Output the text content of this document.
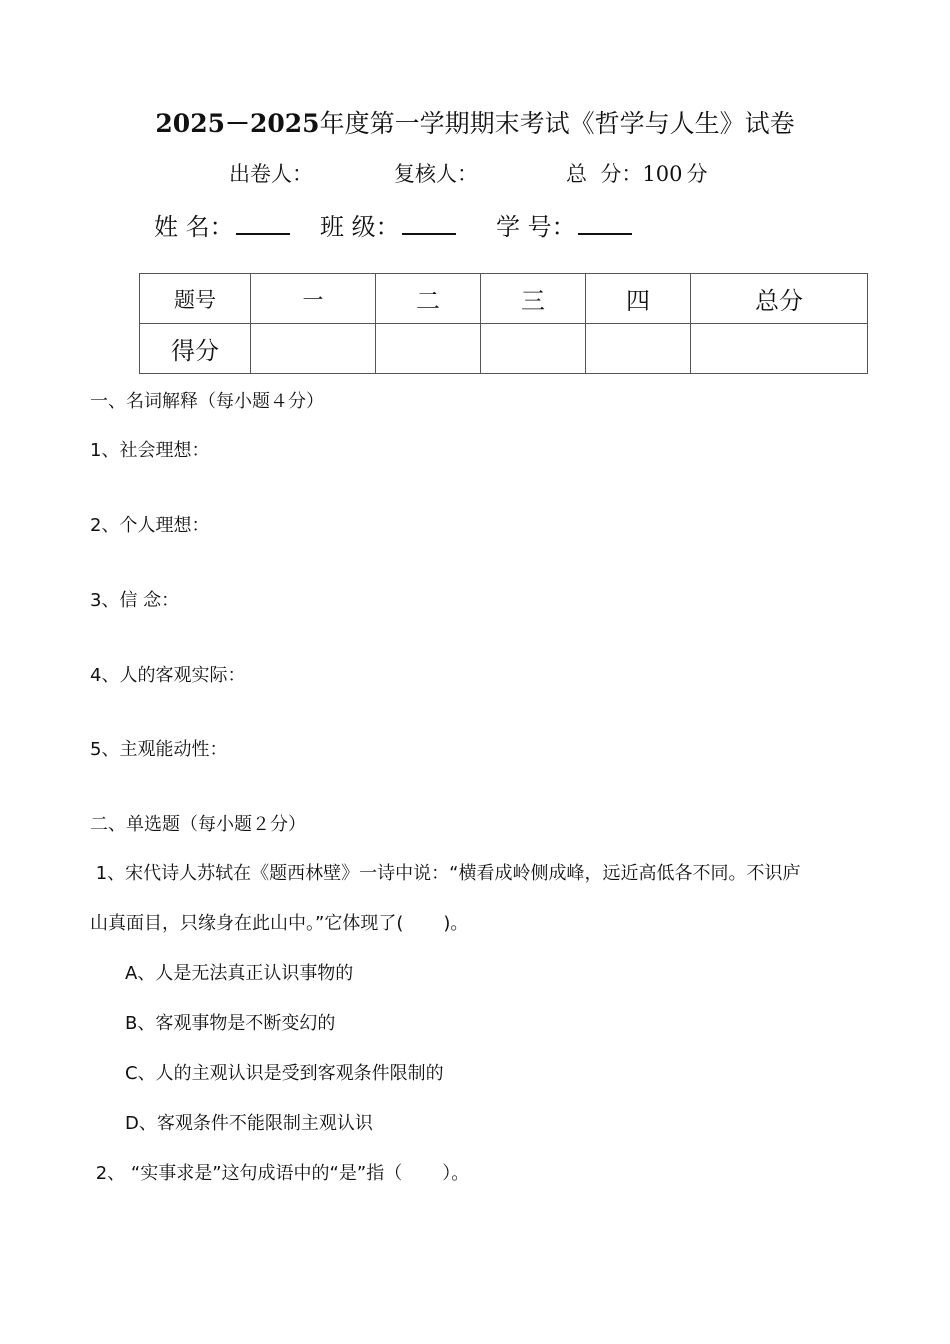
2025－2025年度第一学期期末考试《哲学与人生》试卷
出卷人：	复核人：	总  分：100 分
姓 名：	班 级：	学 号：
题号	一	二	三	四	总分
得分					
一、名词解释（每小题４分）
1、社会理想：
2、个人理想：
3、信 念：
4、人的客观实际：
5、主观能动性：
二、单选题（每小题２分）
1、宋代诗人苏轼在《题西林壁》一诗中说：“横看成岭侧成峰，远近高低各不同。不识庐
山真面目，只缘身在此山中。”它体现了(       )。
A、人是无法真正认识事物的
B、客观事物是不断变幻的
C、人的主观认识是受到客观条件限制的
D、客观条件不能限制主观认识
2、 “实事求是”这句成语中的“是”指（       ）。
